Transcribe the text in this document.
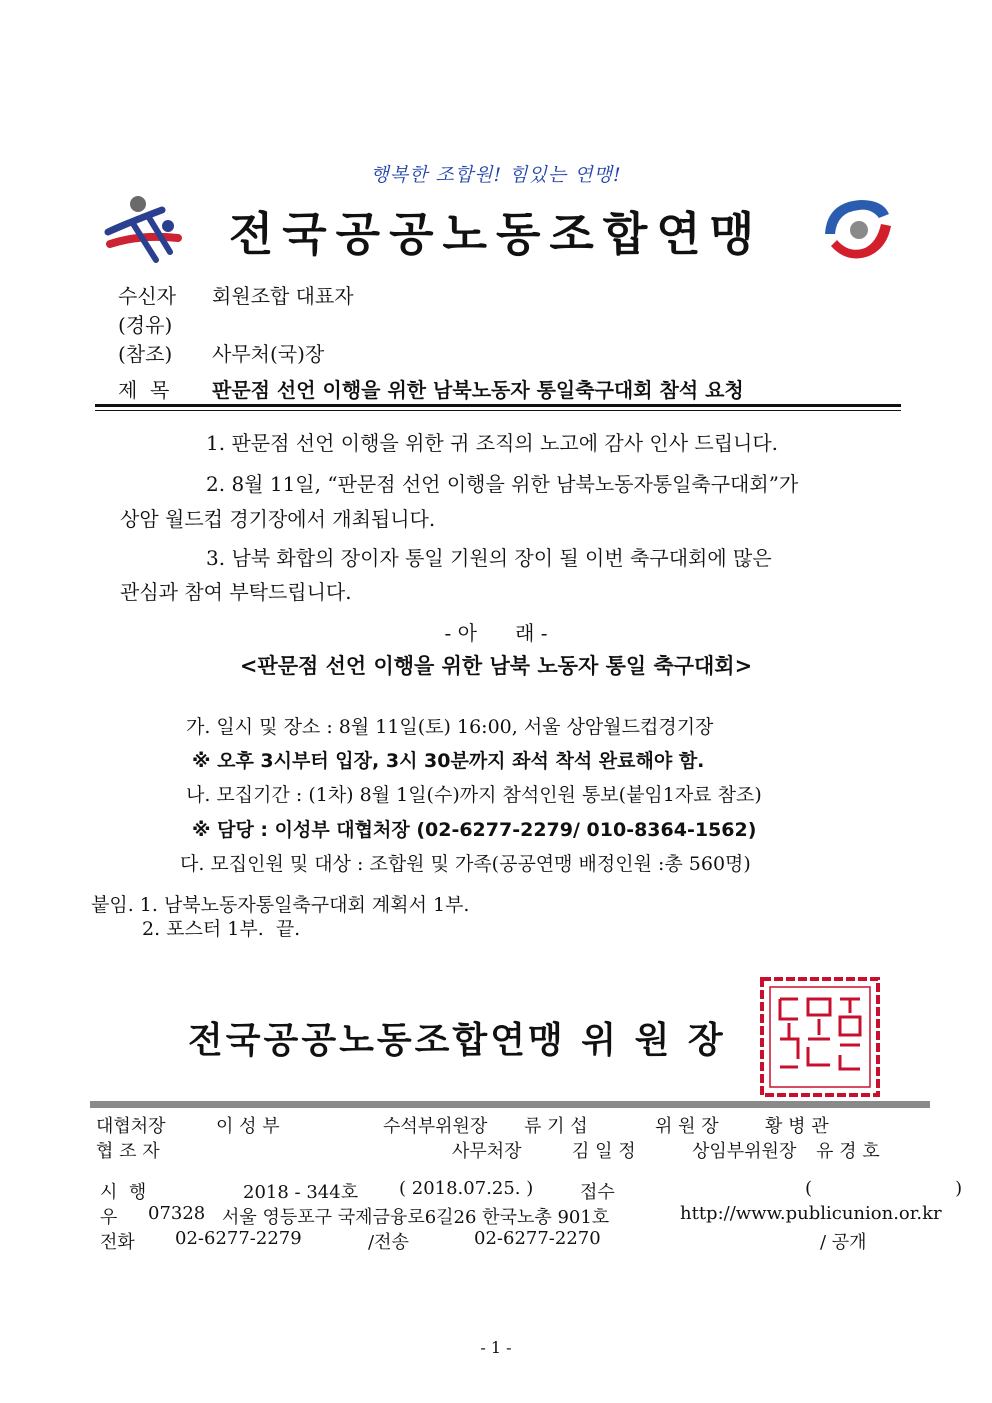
행복한 조합원! 힘있는 연맹!
전국공공노동조합연맹
수신자 회원조합 대표자
(경유)
(참조) 사무처(국)장
제  목 판문점 선언 이행을 위한 남북노동자 통일축구대회 참석 요청
1. 판문점 선언 이행을 위한 귀 조직의 노고에 감사 인사 드립니다.
2. 8월 11일, “판문점 선언 이행을 위한 남북노동자통일축구대회”가
상암 월드컵 경기장에서 개최됩니다.
3. 남북 화합의 장이자 통일 기원의 장이 될 이번 축구대회에 많은
관심과 참여 부탁드립니다.
- 아      래 -
<판문점 선언 이행을 위한 남북 노동자 통일 축구대회>
가. 일시 및 장소 : 8월 11일(토) 16:00, 서울 상암월드컵경기장
※ 오후 3시부터 입장, 3시 30분까지 좌석 착석 완료해야 함.
나. 모집기간 : (1차) 8월 1일(수)까지 참석인원 통보(붙임1자료 참조)
※ 담당 : 이성부 대협처장 (02-6277-2279/ 010-8364-1562)
다. 모집인원 및 대상 : 조합원 및 가족(공공연맹 배정인원 :총 560명)
붙임. 1. 남북노동자통일축구대회 계획서 1부.
2. 포스터 1부.  끝.
전국공공노동조합연맹 위 원 장
대협처장	이 성 부	수석부위원장 류 기 섭	위 원 장	황 병 관
협 조 자	사무처장	김 일 정	상임부위원장 유 경 호
시  행	2018 - 344호 ( 2018.07.25. )	접수	(                         )
우 07328 서울 영등포구 국제금융로6길26 한국노총 901호	http://www.publicunion.or.kr
전화 02-6277-2279	/전송	02-6277-2270	/ 공개
- 1 -
